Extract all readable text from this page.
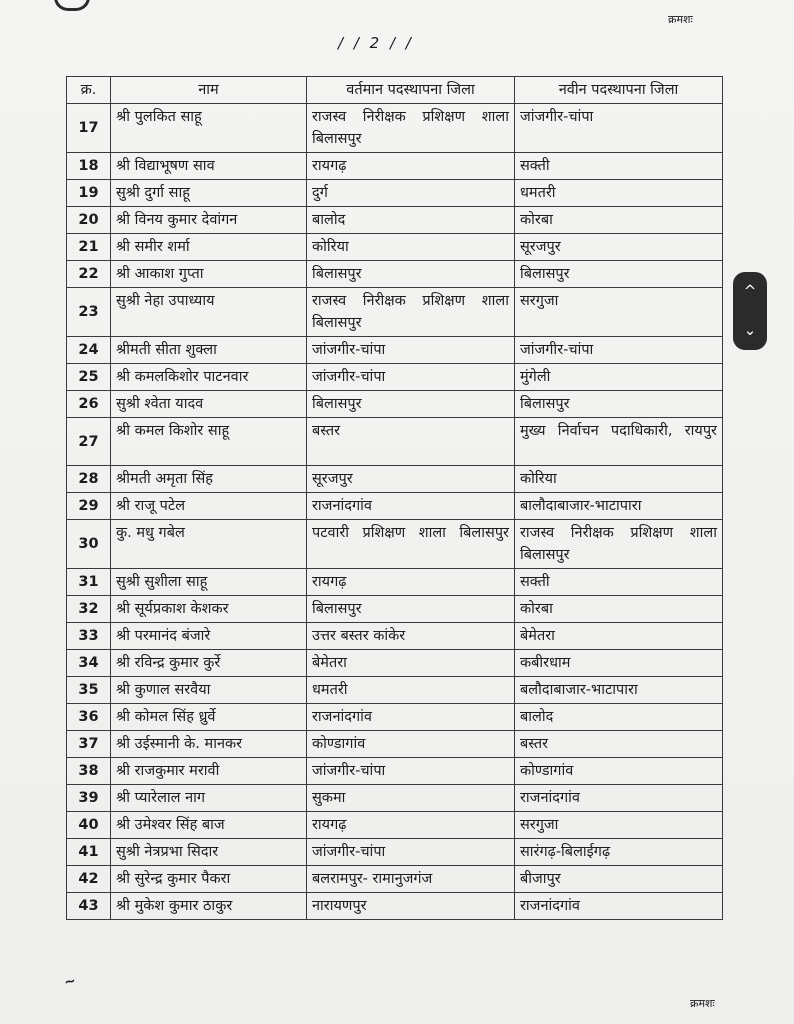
क्रमशः
/ / 2 / /
क्र.	नाम	वर्तमान पदस्थापना जिला	नवीन पदस्थापना जिला
17	श्री पुलकित साहू	राजस्व निरीक्षक प्रशिक्षण शाला बिलासपुर	जांजगीर-चांपा
18	श्री विद्याभूषण साव	रायगढ़	सक्ती
19	सुश्री दुर्गा साहू	दुर्ग	धमतरी
20	श्री विनय कुमार देवांगन	बालोद	कोरबा
21	श्री समीर शर्मा	कोरिया	सूरजपुर
22	श्री आकाश गुप्ता	बिलासपुर	बिलासपुर
23	सुश्री नेहा उपाध्याय	राजस्व निरीक्षक प्रशिक्षण शाला बिलासपुर	सरगुजा
24	श्रीमती सीता शुक्ला	जांजगीर-चांपा	जांजगीर-चांपा
25	श्री कमलकिशोर पाटनवार	जांजगीर-चांपा	मुंगेली
26	सुश्री श्वेता यादव	बिलासपुर	बिलासपुर
27	श्री कमल किशोर साहू	बस्तर	मुख्य निर्वाचन पदाधिकारी, रायपुर
28	श्रीमती अमृता सिंह	सूरजपुर	कोरिया
29	श्री राजू पटेल	राजनांदगांव	बालौदाबाजार-भाटापारा
30	कु. मधु गबेल	पटवारी प्रशिक्षण शाला बिलासपुर	राजस्व निरीक्षक प्रशिक्षण शाला बिलासपुर
31	सुश्री सुशीला साहू	रायगढ़	सक्ती
32	श्री सूर्यप्रकाश केशकर	बिलासपुर	कोरबा
33	श्री परमानंद बंजारे	उत्तर बस्तर कांकेर	बेमेतरा
34	श्री रविन्द्र कुमार कुर्रे	बेमेतरा	कबीरधाम
35	श्री कुणाल सरवैया	धमतरी	बलौदाबाजार-भाटापारा
36	श्री कोमल सिंह ध्रुर्वे	राजनांदगांव	बालोद
37	श्री उईस्मानी के. मानकर	कोण्डागांव	बस्तर
38	श्री राजकुमार मरावी	जांजगीर-चांपा	कोण्डागांव
39	श्री प्यारेलाल नाग	सुकमा	राजनांदगांव
40	श्री उमेश्वर सिंह बाज	रायगढ़	सरगुजा
41	सुश्री नेत्रप्रभा सिदार	जांजगीर-चांपा	सारंगढ़-बिलाईगढ़
42	श्री सुरेन्द्र कुमार पैकरा	बलरामपुर- रामानुजगंज	बीजापुर
43	श्री मुकेश कुमार ठाकुर	नारायणपुर	राजनांदगांव
~
क्रमशः
^
⌄
